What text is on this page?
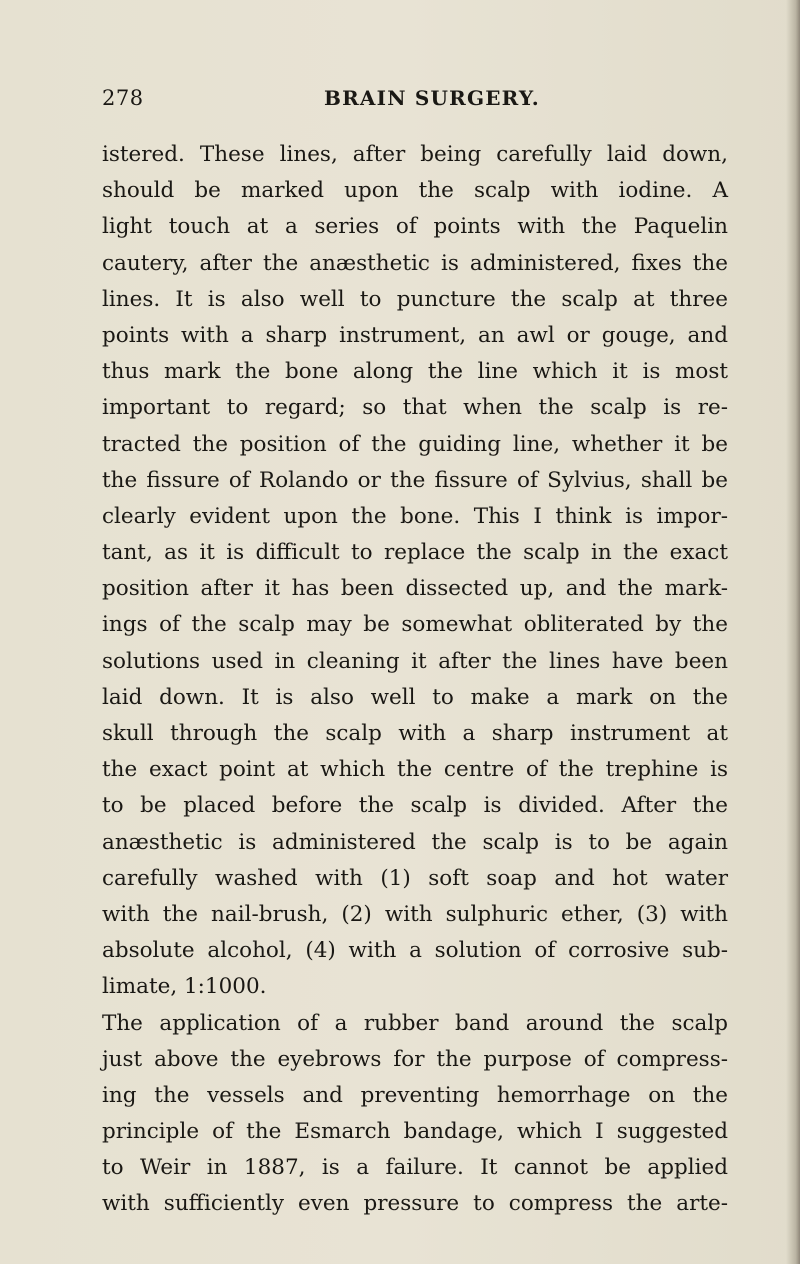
278	BRAIN SURGERY.
istered. These lines, after being carefully laid down,
should be marked upon the scalp with iodine. A
light touch at a series of points with the Paquelin
cautery, after the anæsthetic is administered, fixes the
lines. It is also well to puncture the scalp at three
points with a sharp instrument, an awl or gouge, and
thus mark the bone along the line which it is most
important to regard; so that when the scalp is re-
tracted the position of the guiding line, whether it be
the fissure of Rolando or the fissure of Sylvius, shall be
clearly evident upon the bone. This I think is impor-
tant, as it is difficult to replace the scalp in the exact
position after it has been dissected up, and the mark-
ings of the scalp may be somewhat obliterated by the
solutions used in cleaning it after the lines have been
laid down. It is also well to make a mark on the
skull through the scalp with a sharp instrument at
the exact point at which the centre of the trephine is
to be placed before the scalp is divided. After the
anæsthetic is administered the scalp is to be again
carefully washed with (1) soft soap and hot water
with the nail-brush, (2) with sulphuric ether, (3) with
absolute alcohol, (4) with a solution of corrosive sub-
limate, 1:1000.
The application of a rubber band around the scalp
just above the eyebrows for the purpose of compress-
ing the vessels and preventing hemorrhage on the
principle of the Esmarch bandage, which I suggested
to Weir in 1887, is a failure. It cannot be applied
with sufficiently even pressure to compress the arte-
